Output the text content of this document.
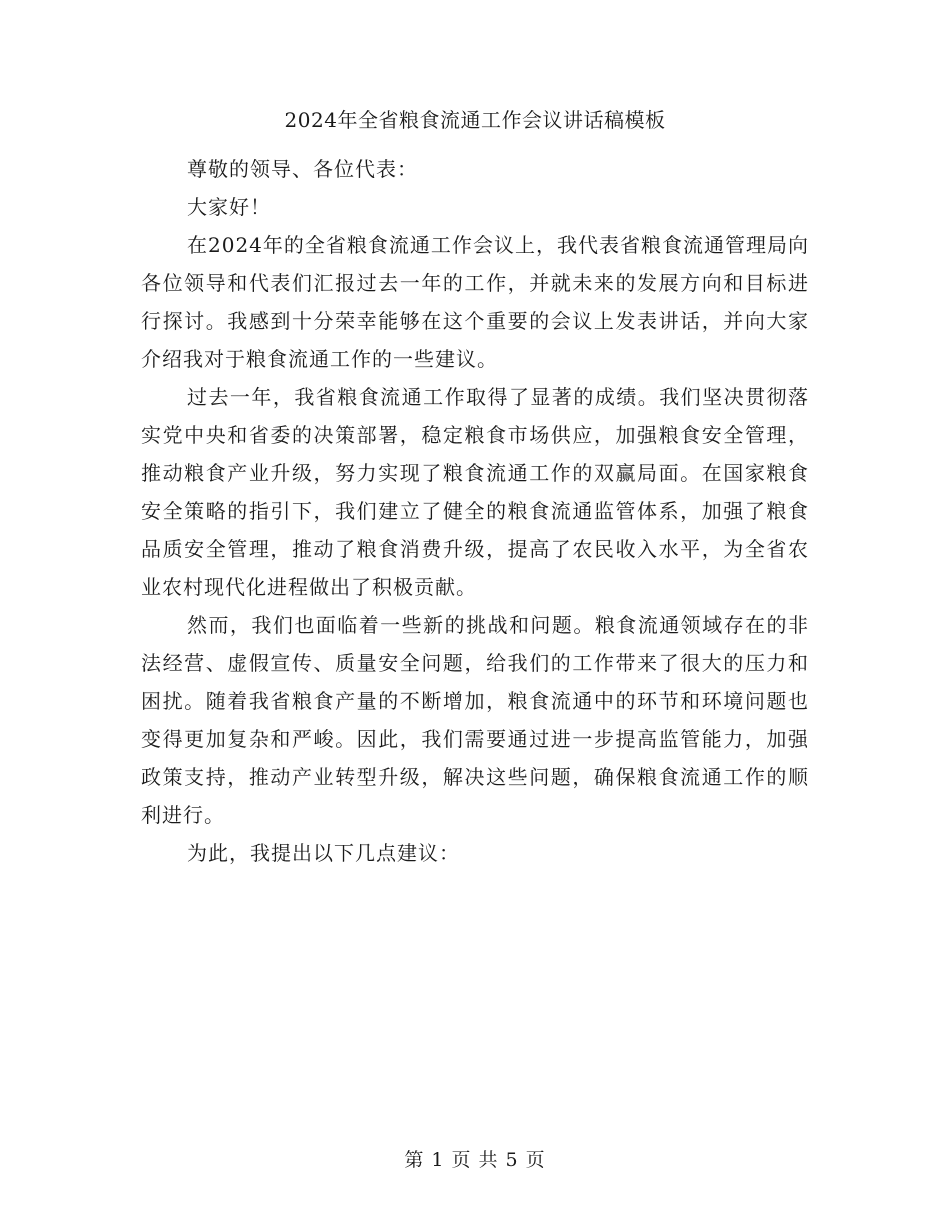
2024年全省粮食流通工作会议讲话稿模板

尊敬的领导、各位代表：

大家好！

在2024年的全省粮食流通工作会议上，我代表省粮食流通管理局向各位领导和代表们汇报过去一年的工作，并就未来的发展方向和目标进行探讨。我感到十分荣幸能够在这个重要的会议上发表讲话，并向大家介绍我对于粮食流通工作的一些建议。

过去一年，我省粮食流通工作取得了显著的成绩。我们坚决贯彻落实党中央和省委的决策部署，稳定粮食市场供应，加强粮食安全管理，推动粮食产业升级，努力实现了粮食流通工作的双赢局面。在国家粮食安全策略的指引下，我们建立了健全的粮食流通监管体系，加强了粮食品质安全管理，推动了粮食消费升级，提高了农民收入水平，为全省农业农村现代化进程做出了积极贡献。

然而，我们也面临着一些新的挑战和问题。粮食流通领域存在的非法经营、虚假宣传、质量安全问题，给我们的工作带来了很大的压力和困扰。随着我省粮食产量的不断增加，粮食流通中的环节和环境问题也变得更加复杂和严峻。因此，我们需要通过进一步提高监管能力，加强政策支持，推动产业转型升级，解决这些问题，确保粮食流通工作的顺利进行。

为此，我提出以下几点建议：

第 1 页 共 5 页
